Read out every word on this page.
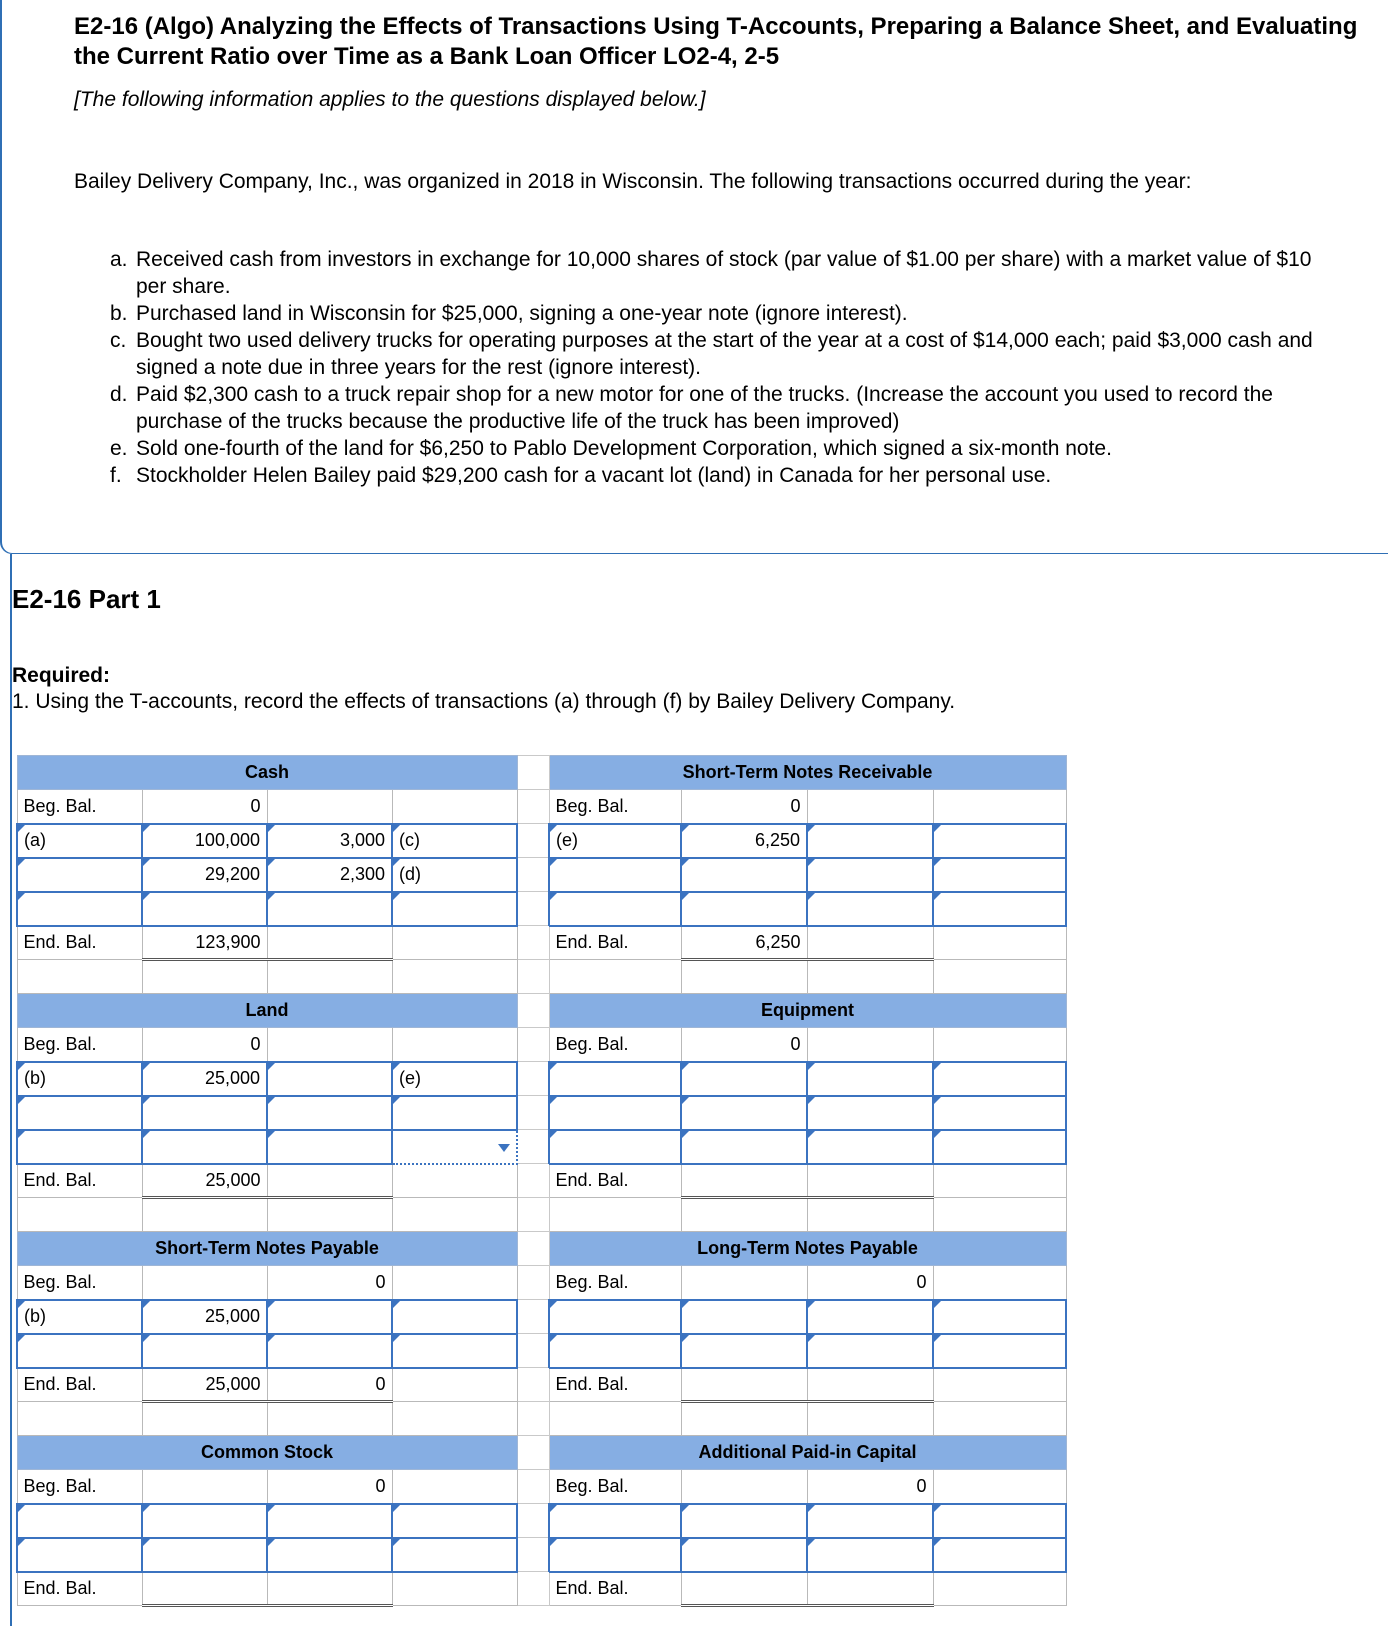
E2-16 (Algo) Analyzing the Effects of Transactions Using T-Accounts, Preparing a Balance Sheet, and Evaluating the Current Ratio over Time as a Bank Loan Officer LO2-4, 2-5
[The following information applies to the questions displayed below.]
Bailey Delivery Company, Inc., was organized in 2018 in Wisconsin. The following transactions occurred during the year:
a. Received cash from investors in exchange for 10,000 shares of stock (par value of $1.00 per share) with a market value of $10 per share.
b. Purchased land in Wisconsin for $25,000, signing a one-year note (ignore interest).
c. Bought two used delivery trucks for operating purposes at the start of the year at a cost of $14,000 each; paid $3,000 cash and signed a note due in three years for the rest (ignore interest).
d. Paid $2,300 cash to a truck repair shop for a new motor for one of the trucks. (Increase the account you used to record the purchase of the trucks because the productive life of the truck has been improved)
e. Sold one-fourth of the land for $6,250 to Pablo Development Corporation, which signed a six-month note.
f. Stockholder Helen Bailey paid $29,200 cash for a vacant lot (land) in Canada for her personal use.
E2-16 Part 1
Required:
1. Using the T-accounts, record the effects of transactions (a) through (f) by Bailey Delivery Company.
Cash					Short-Term Notes Receivable			
Beg. Bal.	0				Beg. Bal.	0		
(a)	100,000	3,000	(c)		(e)	6,250		
	29,200	2,300	(d)					

End. Bal.	123,900				End. Bal.	6,250		

Land					Equipment			
Beg. Bal.	0				Beg. Bal.	0		
(b)	25,000		(e)					

End. Bal.	25,000				End. Bal.			

Short-Term Notes Payable					Long-Term Notes Payable			
Beg. Bal.		0			Beg. Bal.		0	
(b)	25,000							

End. Bal.	25,000	0			End. Bal.			

Common Stock					Additional Paid-in Capital			
Beg. Bal.		0			Beg. Bal.		0	

End. Bal.					End. Bal.			
